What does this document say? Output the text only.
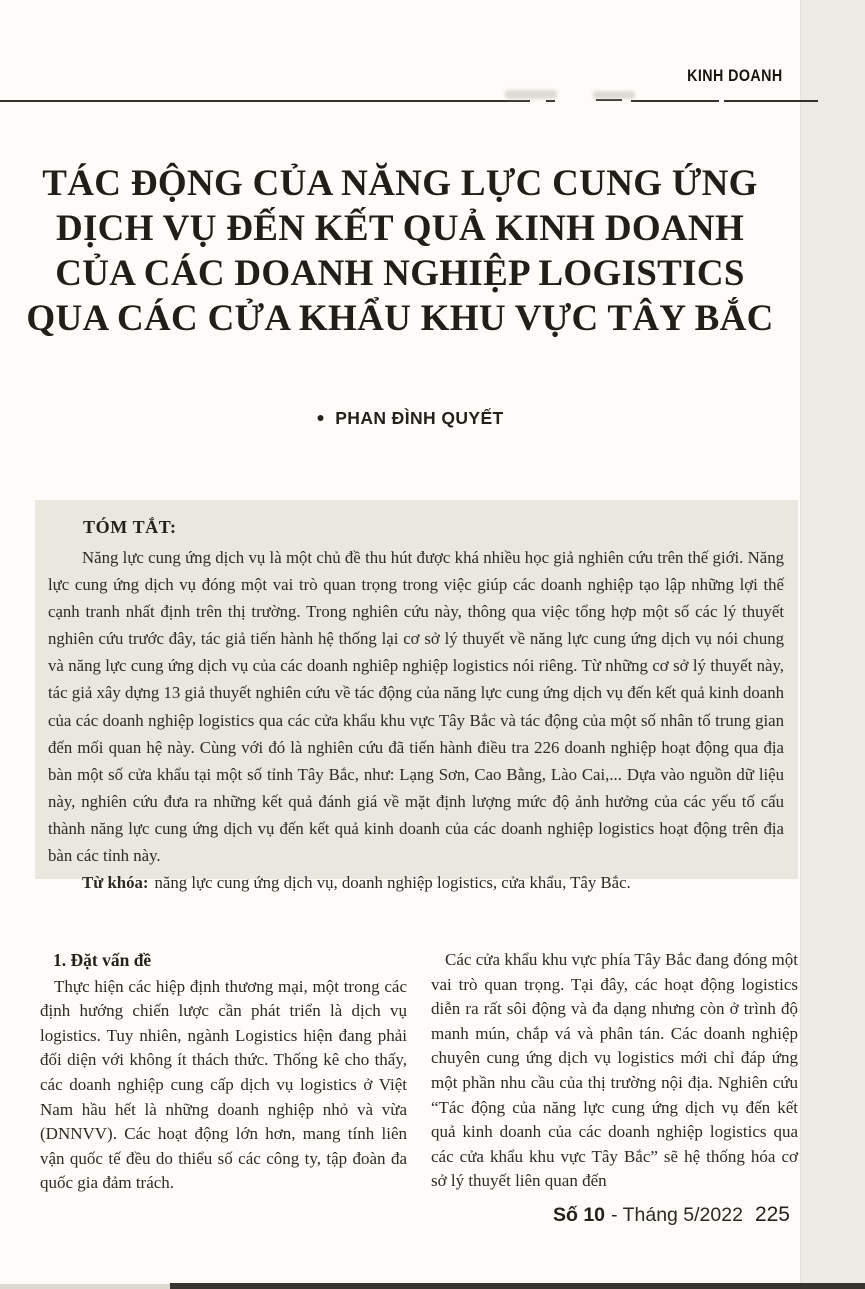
KINH DOANH
TÁC ĐỘNG CỦA NĂNG LỰC CUNG ỨNG
DỊCH VỤ ĐẾN KẾT QUẢ KINH DOANH
CỦA CÁC DOANH NGHIỆP LOGISTICS
QUA CÁC CỬA KHẨU KHU VỰC TÂY BẮC
● PHAN ĐÌNH QUYẾT
TÓM TẮT:
Năng lực cung ứng dịch vụ là một chủ đề thu hút được khá nhiều học giả nghiên cứu trên thế giới. Năng lực cung ứng dịch vụ đóng một vai trò quan trọng trong việc giúp các doanh nghiệp tạo lập những lợi thế cạnh tranh nhất định trên thị trường. Trong nghiên cứu này, thông qua việc tổng hợp một số các lý thuyết nghiên cứu trước đây, tác giả tiến hành hệ thống lại cơ sở lý thuyết về năng lực cung ứng dịch vụ nói chung và năng lực cung ứng dịch vụ của các doanh nghiêp nghiệp logistics nói riêng. Từ những cơ sở lý thuyết này, tác giả xây dựng 13 giả thuyết nghiên cứu về tác động của năng lực cung ứng dịch vụ đến kết quả kinh doanh của các doanh nghiệp logistics qua các cửa khẩu khu vực Tây Bắc và tác động của một số nhân tố trung gian đến mối quan hệ này. Cùng với đó là nghiên cứu đã tiến hành điều tra 226 doanh nghiệp hoạt động qua địa bàn một số cửa khẩu tại một số tỉnh Tây Bắc, như: Lạng Sơn, Cao Bằng, Lào Cai,... Dựa vào nguồn dữ liệu này, nghiên cứu đưa ra những kết quả đánh giá về mặt định lượng mức độ ảnh hưởng của các yếu tố cấu thành năng lực cung ứng dịch vụ đến kết quả kinh doanh của các doanh nghiệp logistics hoạt động trên địa bàn các tỉnh này.
Từ khóa: năng lực cung ứng dịch vụ, doanh nghiệp logistics, cửa khẩu, Tây Bắc.
1. Đặt vấn đề

Thực hiện các hiệp định thương mại, một trong các định hướng chiến lược cần phát triển là dịch vụ logistics. Tuy nhiên, ngành Logistics hiện đang phải đối diện với không ít thách thức. Thống kê cho thấy, các doanh nghiệp cung cấp dịch vụ logistics ở Việt Nam hầu hết là những doanh nghiệp nhỏ và vừa (DNNVV). Các hoạt động lớn hơn, mang tính liên vận quốc tế đều do thiểu số các công ty, tập đoàn đa quốc gia đảm trách.

Các cửa khẩu khu vực phía Tây Bắc đang đóng một vai trò quan trọng. Tại đây, các hoạt động logistics diễn ra rất sôi động và đa dạng nhưng còn ở trình độ manh mún, chắp vá và phân tán. Các doanh nghiệp chuyên cung ứng dịch vụ logistics mới chỉ đáp ứng một phần nhu cầu của thị trường nội địa. Nghiên cứu “Tác động của năng lực cung ứng dịch vụ đến kết quả kinh doanh của các doanh nghiệp logistics qua các cửa khẩu khu vực Tây Bắc” sẽ hệ thống hóa cơ sở lý thuyết liên quan đến

Số 10 - Tháng 5/2022 225
